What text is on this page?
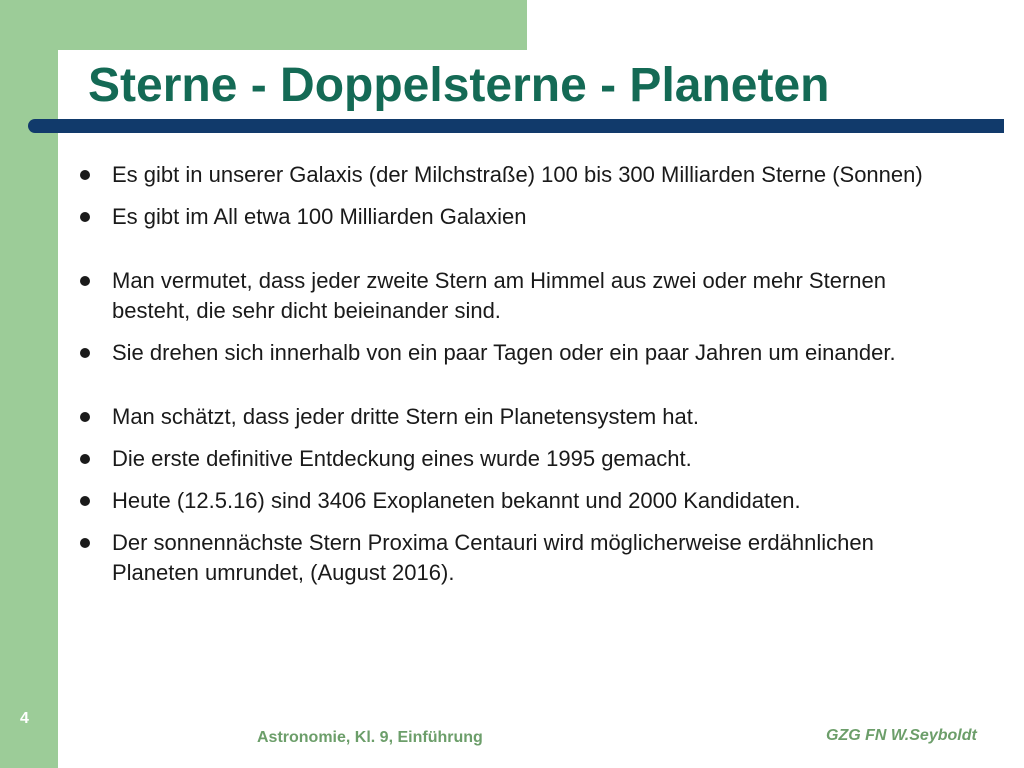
Sterne - Doppelsterne - Planeten
Es gibt in unserer Galaxis (der Milchstraße) 100 bis 300 Milliarden Sterne (Sonnen)
Es gibt im All etwa 100 Milliarden Galaxien
Man vermutet, dass jeder zweite Stern am Himmel aus zwei oder mehr Sternen besteht, die sehr dicht beieinander sind.
Sie drehen sich innerhalb von ein paar Tagen oder ein paar Jahren um einander.
Man schätzt, dass jeder dritte Stern ein Planetensystem hat.
Die erste definitive Entdeckung eines wurde 1995 gemacht.
Heute (12.5.16) sind 3406 Exoplaneten bekannt und 2000 Kandidaten.
Der sonnennächste Stern Proxima Centauri wird möglicherweise erdähnlichen Planeten umrundet, (August 2016).
4
Astronomie, Kl. 9, Einführung	GZG FN W.Seyboldt
